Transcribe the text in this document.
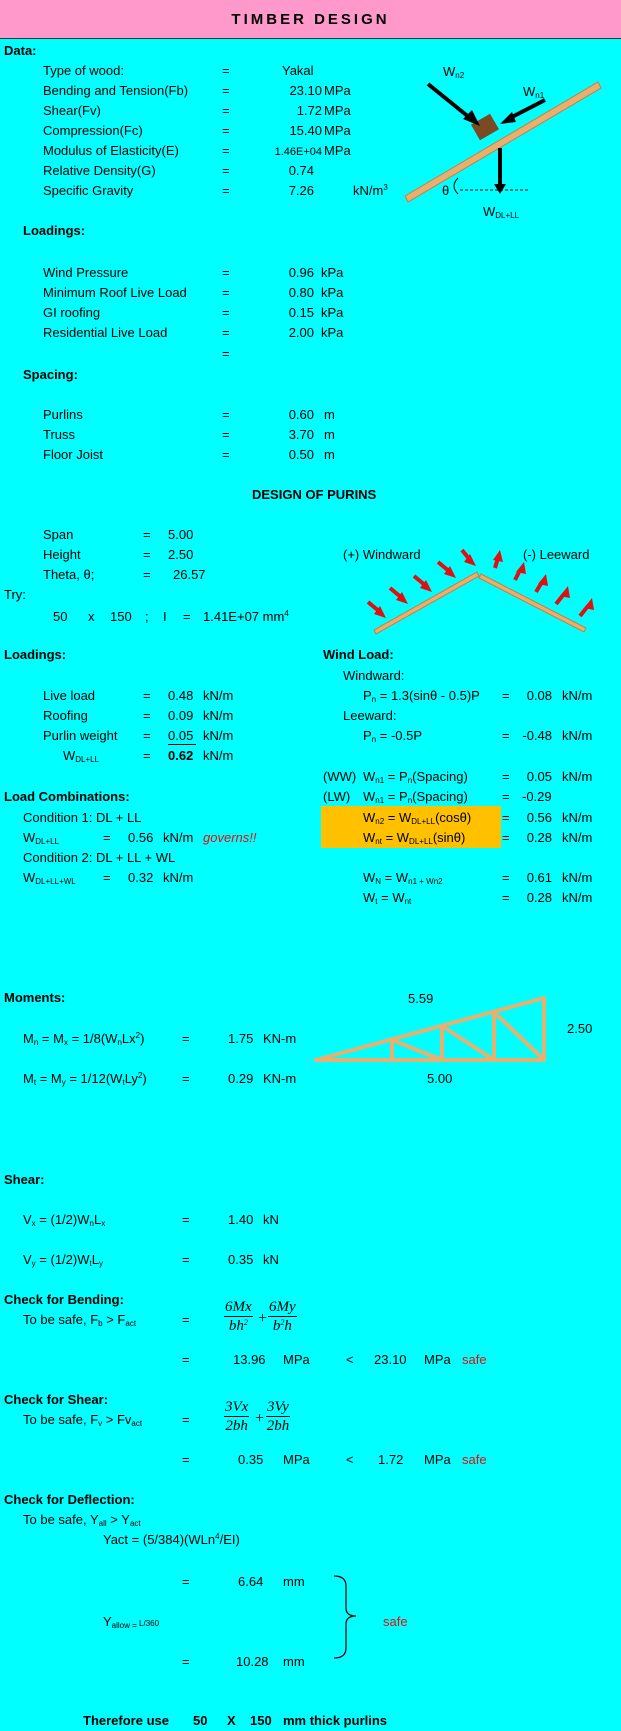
TIMBER DESIGN
Data:
Type of wood:	=	Yakal
Bending and Tension(Fb)	=	23.10 MPa
Shear(Fv)	=	1.72 MPa
Compression(Fc)	=	15.40 MPa
Modulus of Elasticity(E)	=	1.46E+04 MPa
Relative Density(G)	=	0.74
Specific Gravity	=	7.26	$kN/m^3$
$W_{n2}$
$W_{n1}$
θ
$W_{DL+LL}$
Loadings:
Wind Pressure	=	0.96 kPa
Minimum Roof Live Load	=	0.80 kPa
GI roofing	=	0.15 kPa
Residential Live Load	=	2.00 kPa
=
Spacing:
Purlins	=	0.60 m
Truss	=	3.70 m
Floor Joist	=	0.50 m
DESIGN OF PURINS
Span	= 5.00
Height	= 2.50
Theta, θ;	= 26.57
Try:
50 x 150 ; I = 1.41E+07 $mm^4$
(+) Windward	(-) Leeward
Loadings:
Live load	= 0.48 kN/m
Roofing	= 0.09 kN/m
Purlin weight = 0.05 kN/m
$W_{DL+LL}$	= 0.62 kN/m
Wind Load:
Windward:
$P_n = 1.3(\sin\theta - 0.5)P$ =	0.08 kN/m
Leeward:
$P_n = -0.5P$	= -0.48 kN/m
(WW) $W_{n1}$ = $P_n(Spacing)$	=	0.05 kN/m
(LW) $W_{n1}$ = $P_n(Spacing)$	= -0.29
$W_{n2} = W_{DL+LL}(\cos\theta)$ =	0.56 kN/m
$W_{nt} = W_{DL+LL}(\sin\theta)$	=	0.28 kN/m
$W_N = W_{n1 + Wn2}$	=	0.61 kN/m
$W_t = W_{nt}$	=	0.28 kN/m
Load Combinations:
Condition 1: DL + LL
$W_{DL+LL}$	= 0.56 kN/m governs!!
Condition 2: DL + LL + WL
$W_{DL+LL+WL} = 0.32$ kN/m
Moments:
$M_n = M_x = 1/8(W_nLx^2)$	=	1.75 KN-m
$M_t = M_y = 1/12(W_tLy^2)$	=	0.29 KN-m
5.59
2.50
5.00
Shear:
$V_x = (1/2)W_nL_x$	=	1.40 kN
$V_y = (1/2)W_tL_y$	=	0.35 kN
Check for Bending:
To be safe, $F_b > F_{act}$	= $\frac{6Mx}{bh^2} + \frac{6My}{b^2h}$
=	13.96 MPa	< 23.10 MPa safe
Check for Shear:
To be safe, $F_v > Fv_{act}$	= $\frac{3Vx}{2bh} + \frac{3Vy}{2bh}$
=	0.35 MPa	< 1.72 MPa safe
Check for Deflection:
To be safe, $Y_{all} > Y_{act}$
Yact = (5/384)(WLn$^4$/EI)
=	6.64 mm
$Y_{allow =}$ L/360
=	10.28 mm
safe
Therefore use 50 X 150 mm thick purlins
